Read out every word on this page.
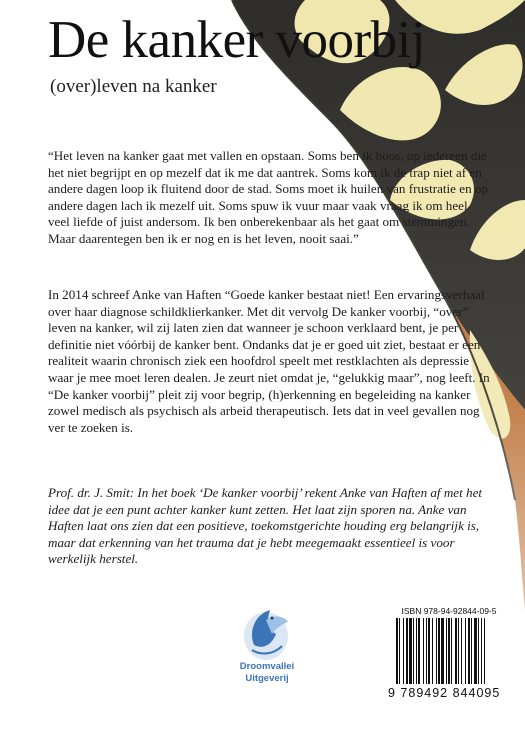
De kanker voorbij
(over)leven na kanker

“Het leven na kanker gaat met vallen en opstaan. Soms ben ik boos, op iedereen die het niet begrijpt en op mezelf dat ik me dat aantrek. Soms kom ik de trap niet af en andere dagen loop ik fluitend door de stad. Soms moet ik huilen van frustratie en op andere dagen lach ik mezelf uit. Soms spuw ik vuur maar vaak vraag ik om heel veel liefde of juist andersom. Ik ben onberekenbaar als het gaat om stemmingen. Maar daarentegen ben ik er nog en is het leven, nooit saai.”

In 2014 schreef Anke van Haften “Goede kanker bestaat niet! Een ervaringsverhaal over haar diagnose schildklierkanker. Met dit vervolg De kanker voorbij, “over” leven na kanker, wil zij laten zien dat wanneer je schoon verklaard bent, je per definitie niet vóórbij de kanker bent. Ondanks dat je er goed uit ziet, bestaat er een realiteit waarin chronisch ziek een hoofdrol speelt met restklachten als depressie waar je mee moet leren dealen. Je zeurt niet omdat je, “gelukkig maar”, nog leeft. In “De kanker voorbij” pleit zij voor begrip, (h)erkenning en begeleiding na kanker zowel medisch als psychisch als arbeid therapeutisch. Iets dat in veel gevallen nog ver te zoeken is.

Prof. dr. J. Smit: In het boek ‘De kanker voorbij’ rekent Anke van Haften af met het idee dat je een punt achter kanker kunt zetten. Het laat zijn sporen na. Anke van Haften laat ons zien dat een positieve, toekomstgerichte houding erg belangrijk is, maar dat erkenning van het trauma dat je hebt meegemaakt essentieel is voor werkelijk herstel.

Droomvallei
Uitgeverij
ISBN 978-94-92844-09-5
9 789492 844095
